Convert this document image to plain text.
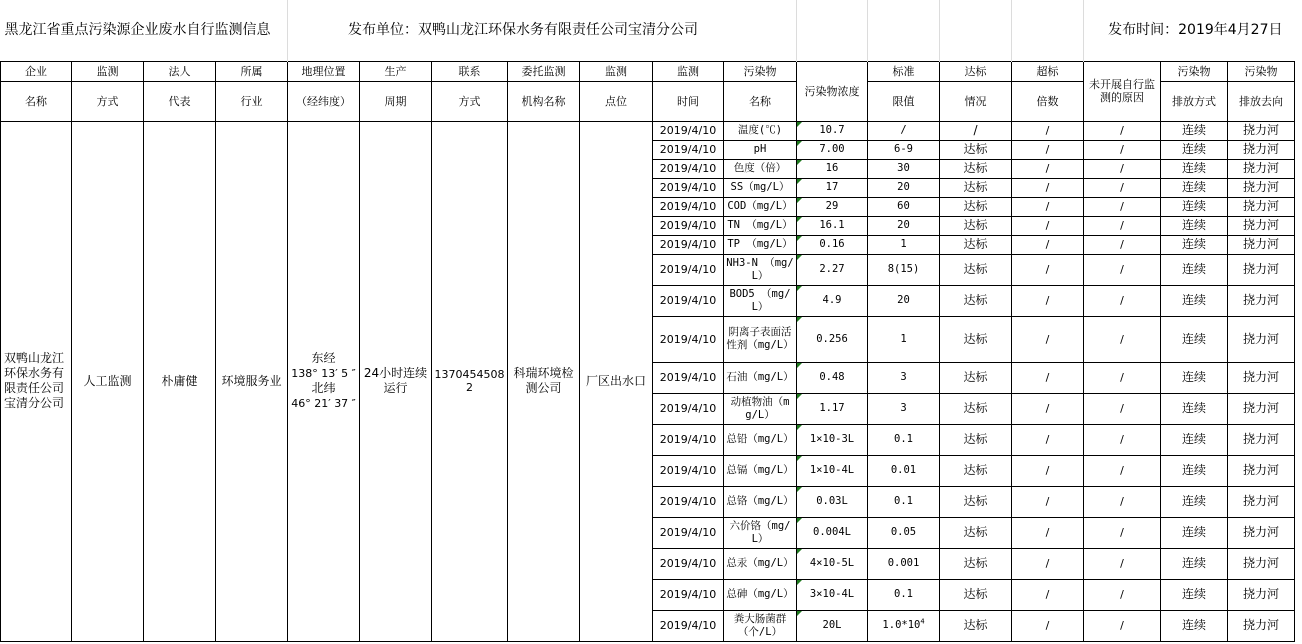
黑龙江省重点污染源企业废水自行监测信息				发布单位：双鸭山龙江环保水务有限责任公司宝清分公司											发布时间：2019年4月27日		
企业	监测	法人	所属	地理位置	生产	联系	委托监测	监测	监测	污染物	污染物浓度	标准	达标	超标	未开展自行监测的原因	污染物	污染物
名称	方式	代表	行业	（经纬度）	周期	方式	机构名称	点位	时间	名称		限值	情况	倍数		排放方式	排放去向
双鸭山龙江环保水务有限责任公司宝清分公司	人工监测	朴庸健	环境服务业	东经
138° 13′ 5 ″
北纬
46° 21′ 37 ″	24小时连续运行	13704545082	科瑞环境检测公司	厂区出水口	2019/4/10	温度(℃)	10.7	/	/	/	/	连续	挠力河
									2019/4/10	pH	7.00	6-9	达标	/	/	连续	挠力河
									2019/4/10	色度（倍）	16	30	达标	/	/	连续	挠力河
									2019/4/10	SS（mg/L）	17	20	达标	/	/	连续	挠力河
									2019/4/10	COD（mg/L）	29	60	达标	/	/	连续	挠力河
									2019/4/10	TN （mg/L）	16.1	20	达标	/	/	连续	挠力河
									2019/4/10	TP （mg/L）	0.16	1	达标	/	/	连续	挠力河
									2019/4/10	NH3-N （mg/L）	2.27	8(15)	达标	/	/	连续	挠力河
									2019/4/10	BOD5 （mg/L）	4.9	20	达标	/	/	连续	挠力河
									2019/4/10	阴离子表面活性剂（mg/L）	0.256	1	达标	/	/	连续	挠力河
									2019/4/10	石油（mg/L）	0.48	3	达标	/	/	连续	挠力河
									2019/4/10	动植物油（mg/L）	1.17	3	达标	/	/	连续	挠力河
									2019/4/10	总铅（mg/L）	1×10-3L	0.1	达标	/	/	连续	挠力河
									2019/4/10	总镉（mg/L）	1×10-4L	0.01	达标	/	/	连续	挠力河
									2019/4/10	总铬（mg/L）	0.03L	0.1	达标	/	/	连续	挠力河
									2019/4/10	六价铬（mg/L）	0.004L	0.05	达标	/	/	连续	挠力河
									2019/4/10	总汞（mg/L）	4×10-5L	0.001	达标	/	/	连续	挠力河
									2019/4/10	总砷（mg/L）	3×10-4L	0.1	达标	/	/	连续	挠力河
									2019/4/10	粪大肠菌群（个/L）	20L	$1.0*10^4$	达标	/	/	连续	挠力河
